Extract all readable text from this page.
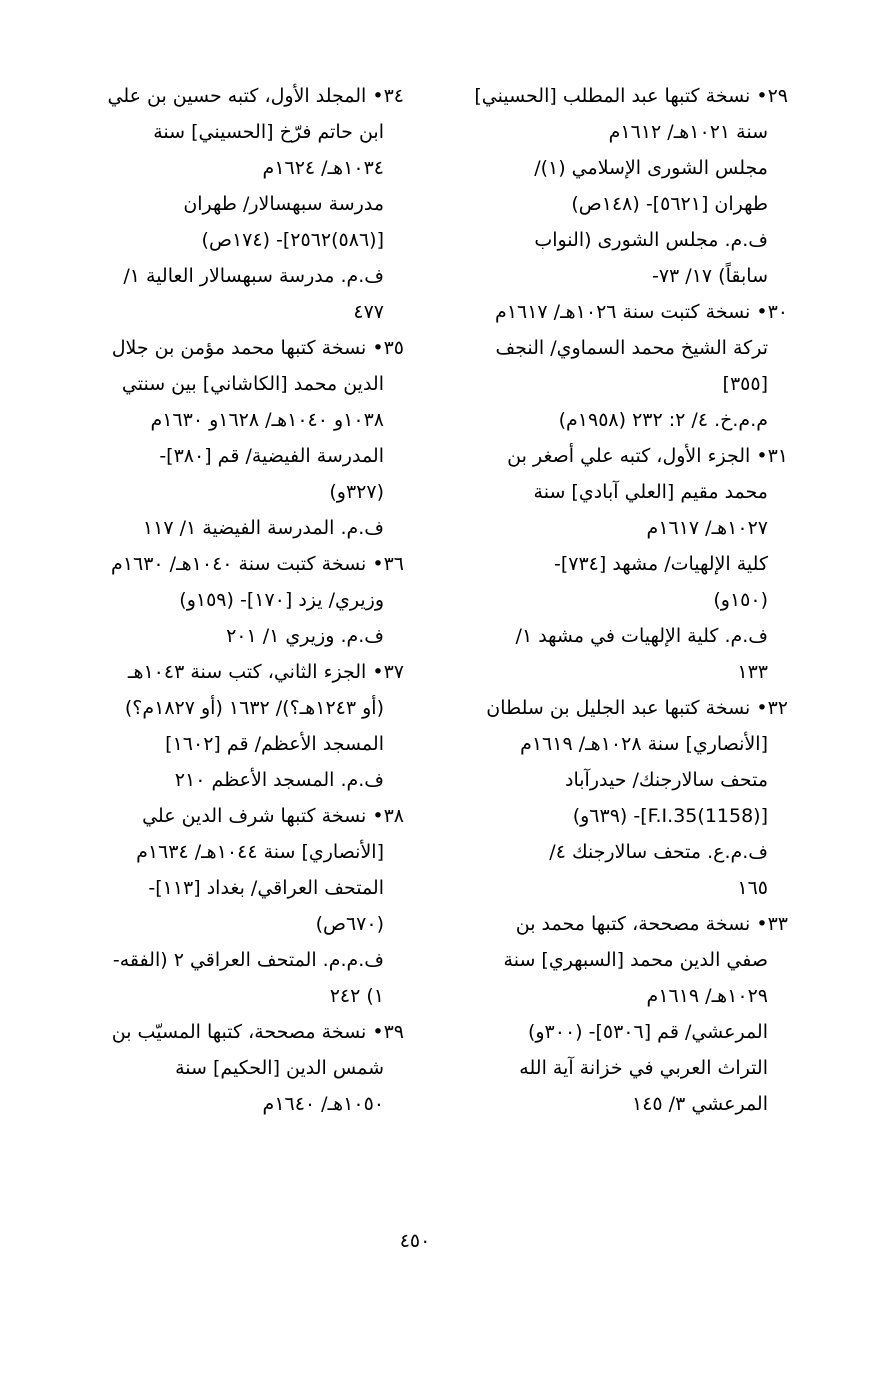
٢٩• نسخة كتبها عبد المطلب [الحسيني]
سنة ١٠٢١هـ/ ١٦١٢م
مجلس الشورى الإسلامي (١)/
طهران [٥٦٢١]- (١٤٨ص)
ف.م. مجلس الشورى (النواب
سابقاً) ١٧/ ٧٣-
٣٠• نسخة كتبت سنة ١٠٢٦هـ/ ١٦١٧م
تركة الشيخ محمد السماوي/ النجف
[٣٥٥]
م.م.خ. ٤/ ٢: ٢٣٢ (١٩٥٨م)
٣١• الجزء الأول، كتبه علي أصغر بن
محمد مقيم [العلي آبادي] سنة
١٠٢٧هـ/ ١٦١٧م
كلية الإلهيات/ مشهد [٧٣٤]-
(١٥٠و)
ف.م. كلية الإلهيات في مشهد ١/
١٣٣
٣٢• نسخة كتبها عبد الجليل بن سلطان
[الأنصاري] سنة ١٠٢٨هـ/ ١٦١٩م
متحف سالارجنك/ حيدرآباد
[(1158)F.I.35]- (٦٣٩و)
ف.م.ع. متحف سالارجنك ٤/
١٦٥
٣٣• نسخة مصححة، كتبها محمد بن
صفي الدين محمد [السبهري] سنة
١٠٢٩هـ/ ١٦١٩م
المرعشي/ قم [٥٣٠٦]- (٣٠٠و)
التراث العربي في خزانة آية الله
المرعشي ٣/ ١٤٥
٣٤• المجلد الأول، كتبه حسين بن علي
ابن حاتم فرّخ [الحسيني] سنة
١٠٣٤هـ/ ١٦٢٤م
مدرسة سبهسالار/ طهران
[(٥٨٦)٢٥٦٢]- (١٧٤ص)
ف.م. مدرسة سبهسالار العالية ١/
٤٧٧
٣٥• نسخة كتبها محمد مؤمن بن جلال
الدين محمد [الكاشاني] بين سنتي
١٠٣٨و ١٠٤٠هـ/ ١٦٢٨و ١٦٣٠م
المدرسة الفيضية/ قم [٣٨٠]-
(٣٢٧و)
ف.م. المدرسة الفيضية ١/ ١١٧
٣٦• نسخة كتبت سنة ١٠٤٠هـ/ ١٦٣٠م
وزيري/ يزد [١٧٠]- (١٥٩و)
ف.م. وزيري ١/ ٢٠١
٣٧• الجزء الثاني، كتب سنة ١٠٤٣هـ
(أو ١٢٤٣هـ؟)/ ١٦٣٢ (أو ١٨٢٧م؟)
المسجد الأعظم/ قم [١٦٠٢]
ف.م. المسجد الأعظم ٢١٠
٣٨• نسخة كتبها شرف الدين علي
[الأنصاري] سنة ١٠٤٤هـ/ ١٦٣٤م
المتحف العراقي/ بغداد [١١٣]-
(٦٧٠ص)
ف.م.م. المتحف العراقي ٢ (الفقه-
١) ٢٤٢
٣٩• نسخة مصححة، كتبها المسيّب بن
شمس الدين [الحكيم] سنة
١٠٥٠هـ/ ١٦٤٠م
٤٥٠
